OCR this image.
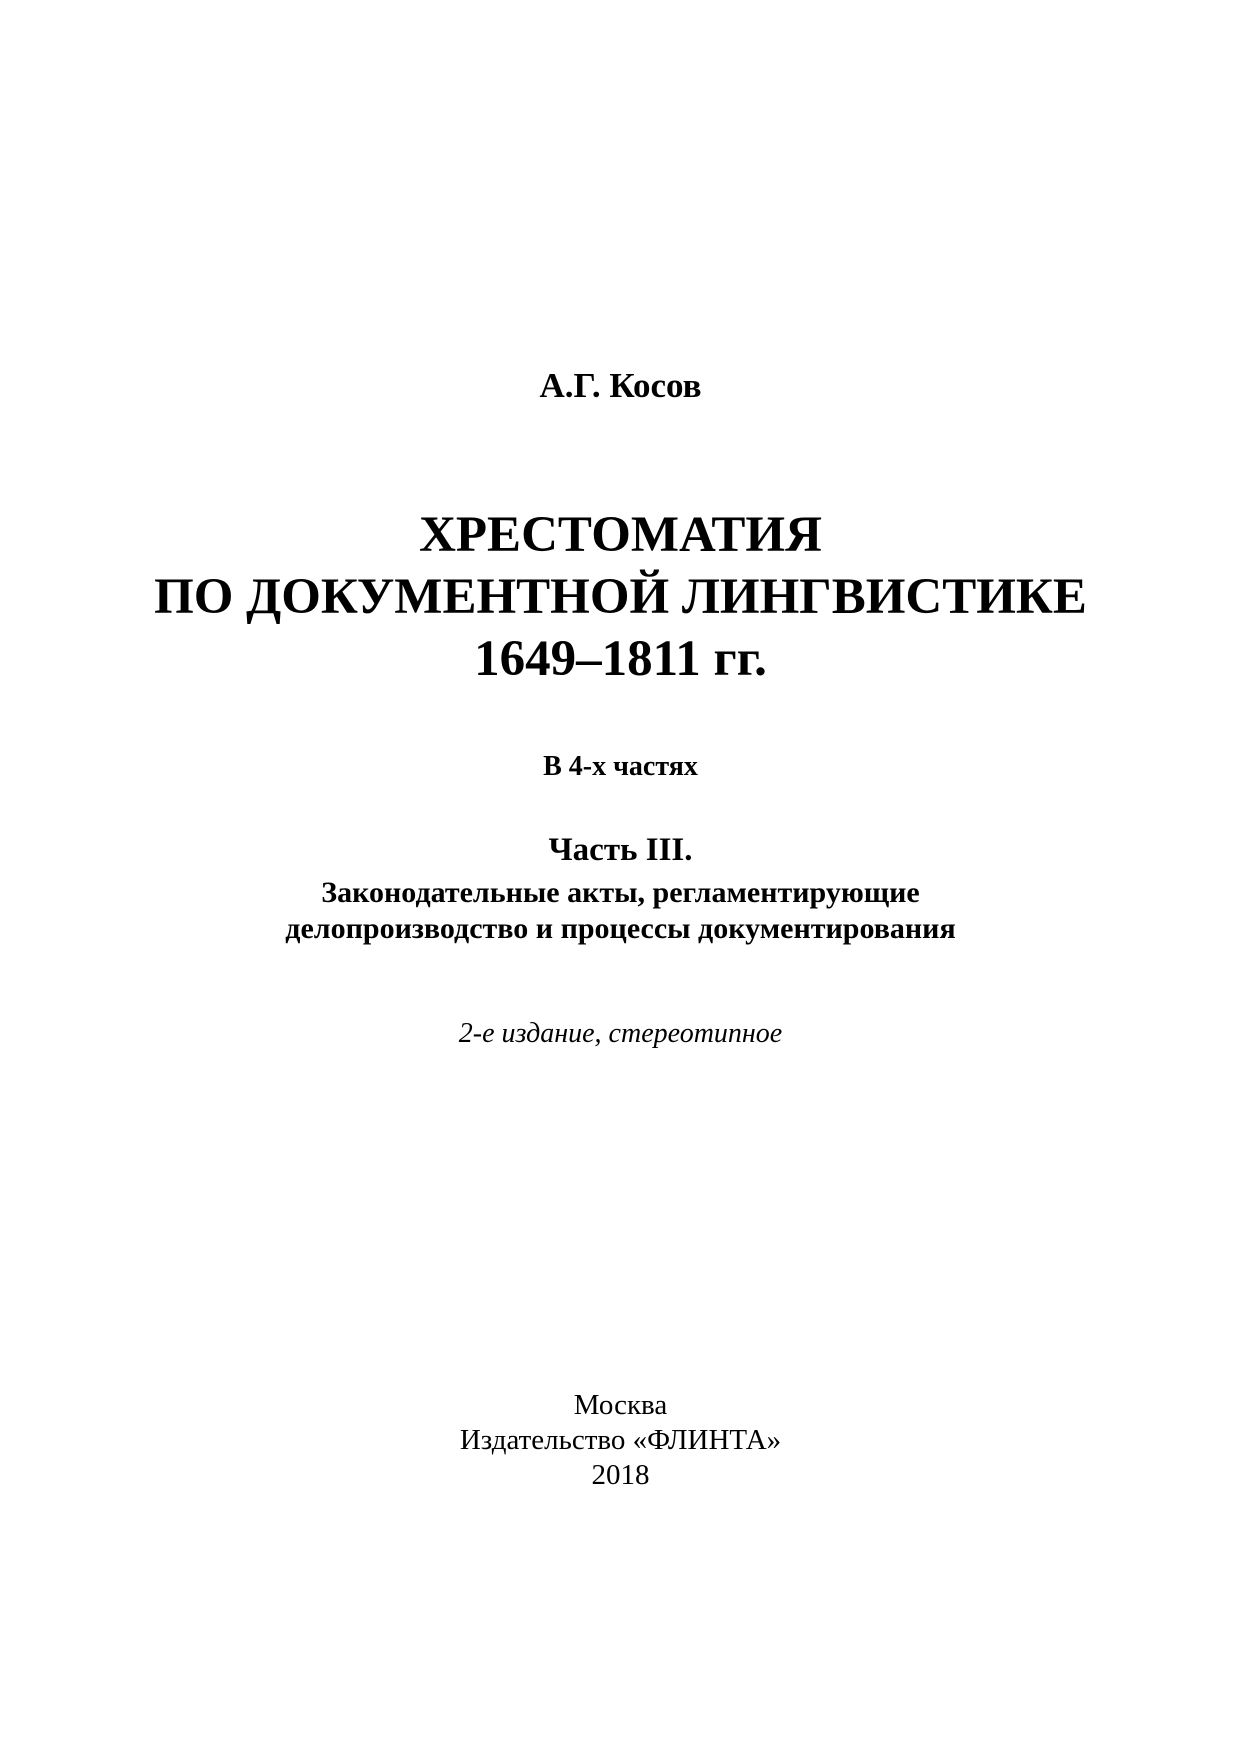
А.Г. Косов

ХРЕСТОМАТИЯ

ПО ДОКУМЕНТНОЙ ЛИНГВИСТИКЕ

1649–1811 гг.

В 4-х частях

Часть III.

Законодательные акты, регламентирующие

делопроизводство и процессы документирования

2-е издание, стереотипное

Москва

Издательство «ФЛИНТА»

2018
